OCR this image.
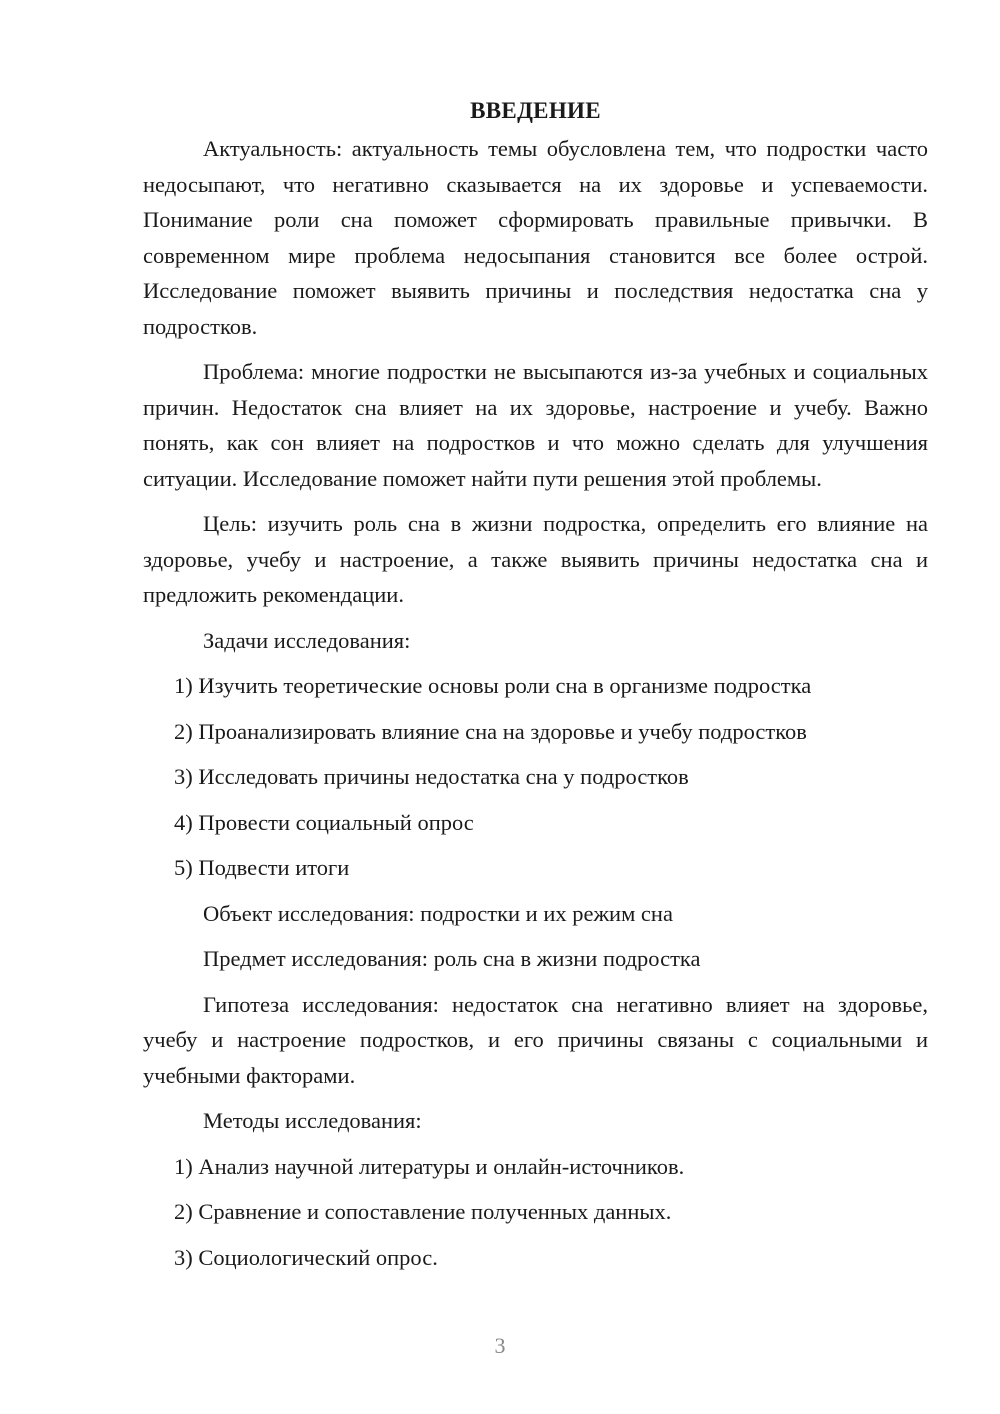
ВВЕДЕНИЕ

Актуальность: актуальность темы обусловлена тем, что подростки часто недосыпают, что негативно сказывается на их здоровье и успеваемости. Понимание роли сна поможет сформировать правильные привычки. В современном мире проблема недосыпания становится все более острой. Исследование поможет выявить причины и последствия недостатка сна у подростков.

Проблема: многие подростки не высыпаются из-за учебных и социальных причин. Недостаток сна влияет на их здоровье, настроение и учебу. Важно понять, как сон влияет на подростков и что можно сделать для улучшения ситуации. Исследование поможет найти пути решения этой проблемы.

Цель: изучить роль сна в жизни подростка, определить его влияние на здоровье, учебу и настроение, а также выявить причины недостатка сна и предложить рекомендации.

Задачи исследования:
1) Изучить теоретические основы роли сна в организме подростка
2) Проанализировать влияние сна на здоровье и учебу подростков
3) Исследовать причины недостатка сна у подростков
4) Провести социальный опрос
5) Подвести итоги
Объект исследования: подростки и их режим сна
Предмет исследования: роль сна в жизни подростка

Гипотеза исследования: недостаток сна негативно влияет на здоровье, учебу и настроение подростков, и его причины связаны с социальными и учебными факторами.

Методы исследования:
1) Анализ научной литературы и онлайн-источников.
2) Сравнение и сопоставление полученных данных.
3) Социологический опрос.
3
